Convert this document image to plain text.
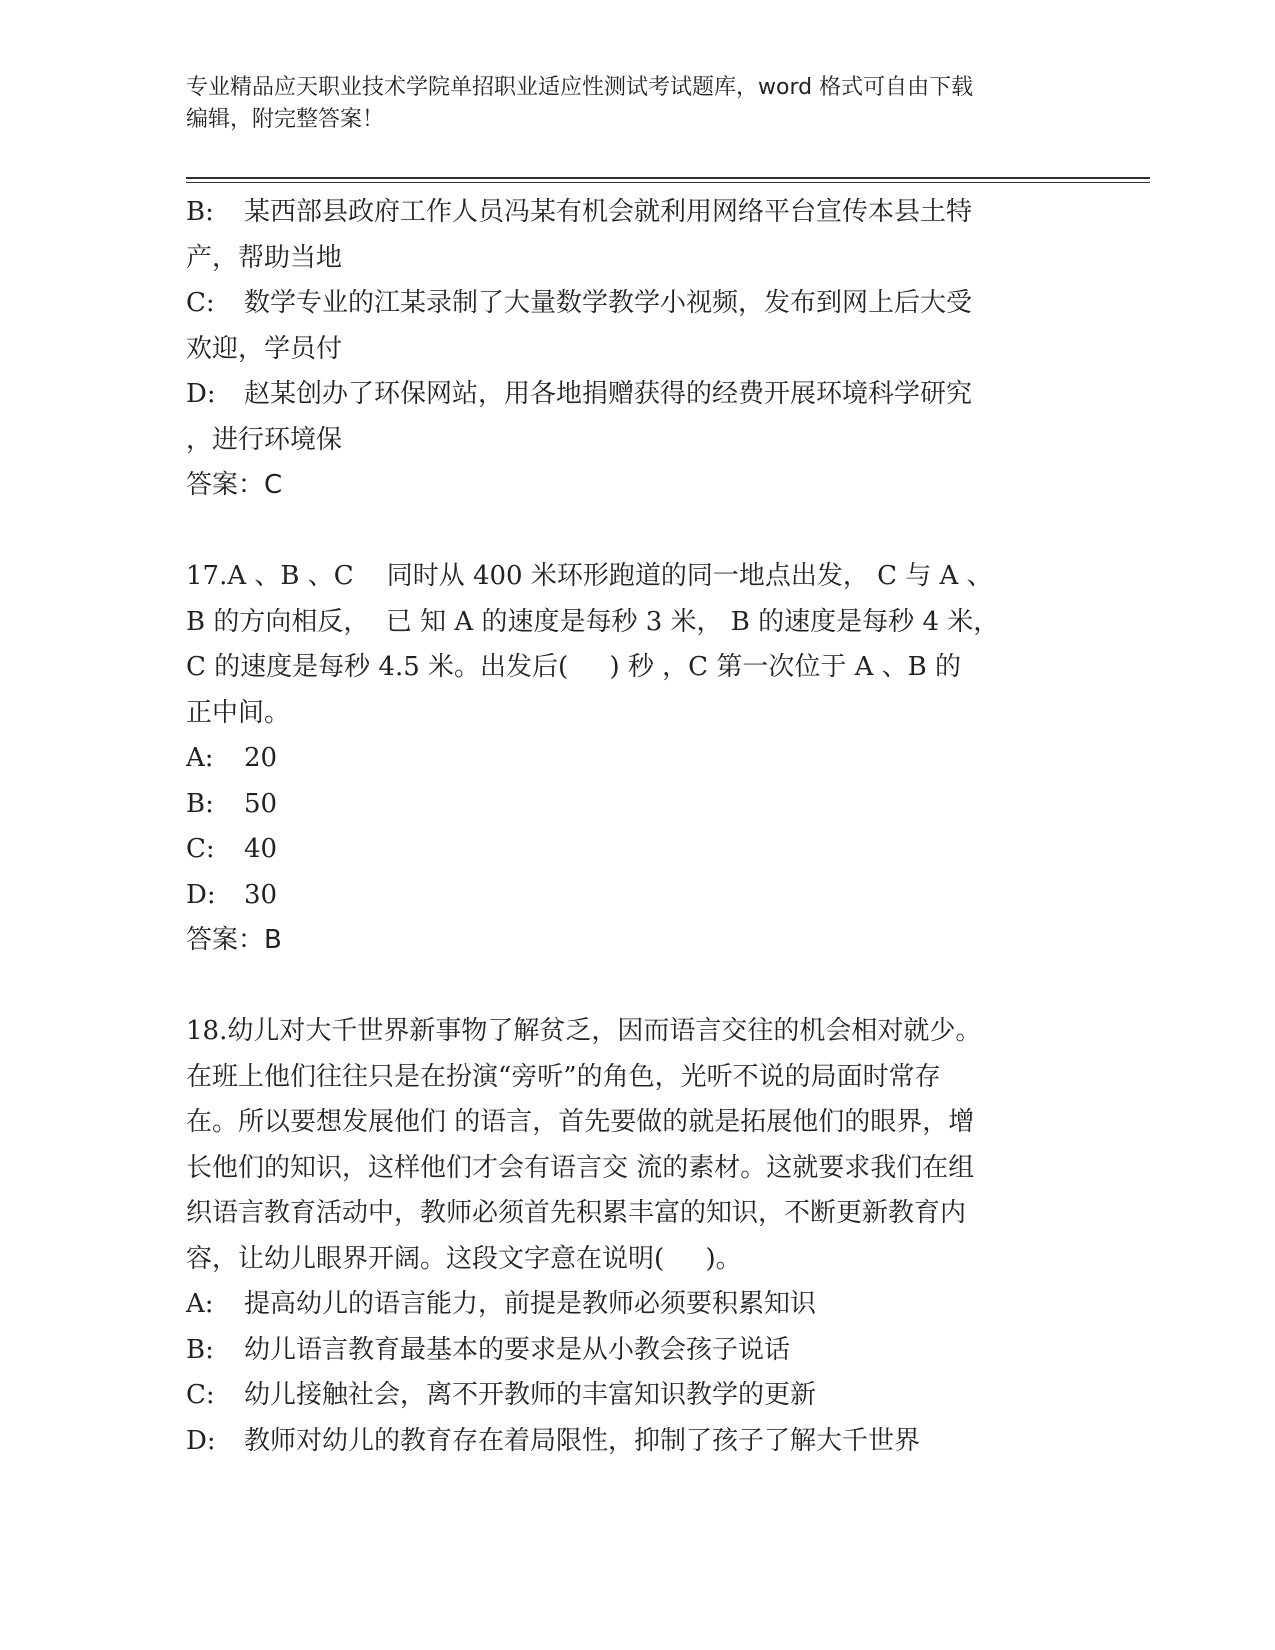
专业精品应天职业技术学院单招职业适应性测试考试题库，word 格式可自由下载
编辑，附完整答案！
B: 某西部县政府工作人员冯某有机会就利用网络平台宣传本县土特
产，帮助当地
C: 数学专业的江某录制了大量数学教学小视频，发布到网上后大受
欢迎，学员付
D: 赵某创办了环保网站，用各地捐赠获得的经费开展环境科学研究
，进行环境保
答案：C
17.A 、B 、C    同时从 400 米环形跑道的同一地点出发， C 与 A 、
B 的方向相反，  已 知 A 的速度是每秒 3 米， B 的速度是每秒 4 米，
C 的速度是每秒 4.5 米。出发后(     ) 秒 ，C 第一次位于 A 、B 的
正中间。
A: 20
B: 50
C: 40
D: 30
答案：B
18.幼儿对大千世界新事物了解贫乏，因而语言交往的机会相对就少。
在班上他们往往只是在扮演“旁听”的角色，光听不说的局面时常存
在。所以要想发展他们 的语言，首先要做的就是拓展他们的眼界，增
长他们的知识，这样他们才会有语言交 流的素材。这就要求我们在组
织语言教育活动中，教师必须首先积累丰富的知识，不断更新教育内
容，让幼儿眼界开阔。这段文字意在说明(     )。
A: 提高幼儿的语言能力，前提是教师必须要积累知识
B: 幼儿语言教育最基本的要求是从小教会孩子说话
C: 幼儿接触社会，离不开教师的丰富知识教学的更新
D: 教师对幼儿的教育存在着局限性，抑制了孩子了解大千世界
